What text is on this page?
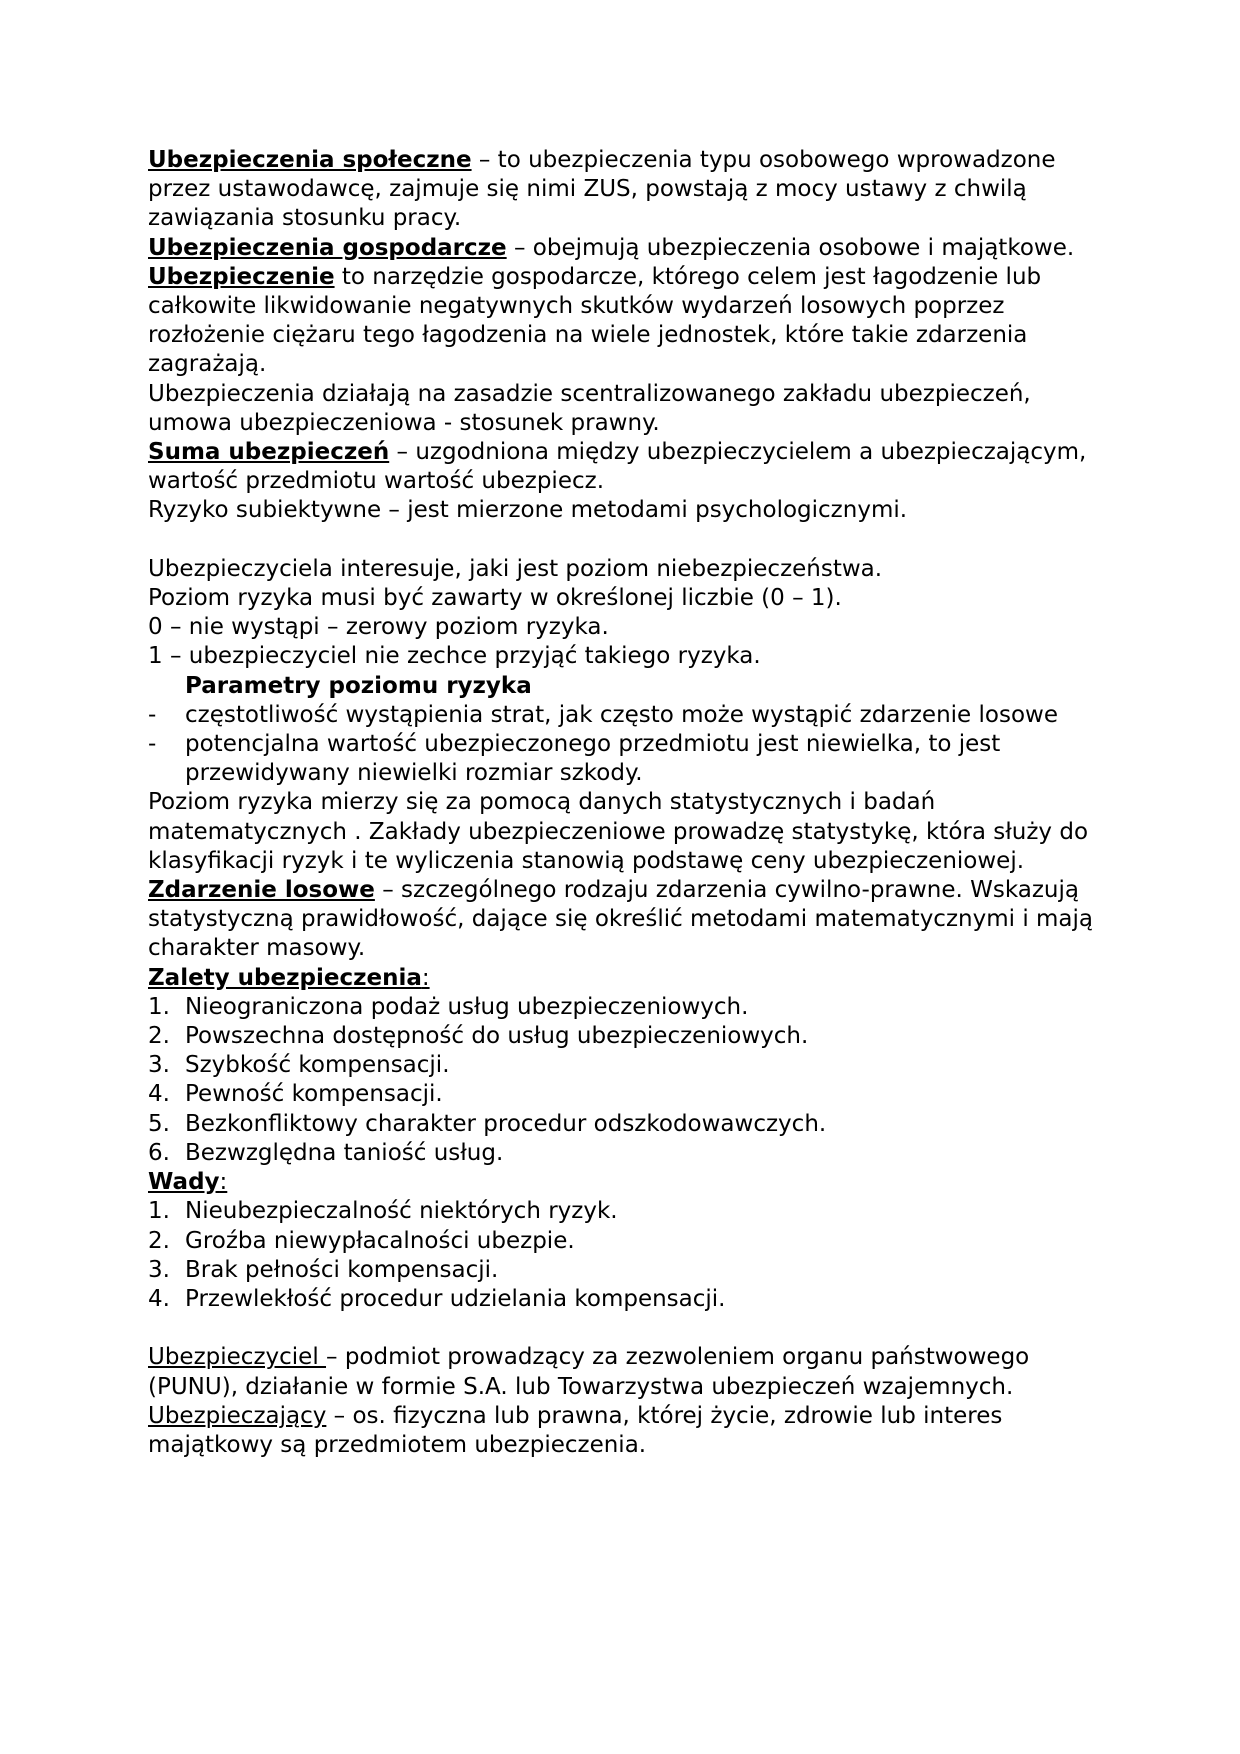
Ubezpieczenia społeczne – to ubezpieczenia typu osobowego wprowadzone przez ustawodawcę, zajmuje się nimi ZUS, powstają z mocy ustawy z chwilą zawiązania stosunku pracy.

Ubezpieczenia gospodarcze – obejmują ubezpieczenia osobowe i majątkowe.

Ubezpieczenie to narzędzie gospodarcze, którego celem jest łagodzenie lub całkowite likwidowanie negatywnych skutków wydarzeń losowych poprzez rozłożenie ciężaru tego łagodzenia na wiele jednostek, które takie zdarzenia zagrażają.

Ubezpieczenia działają na zasadzie scentralizowanego zakładu ubezpieczeń, umowa ubezpieczeniowa - stosunek prawny.

Suma ubezpieczeń – uzgodniona między ubezpieczycielem a ubezpieczającym, wartość przedmiotu wartość ubezpiecz.

Ryzyko subiektywne – jest mierzone metodami psychologicznymi.

Ubezpieczyciela interesuje, jaki jest poziom niebezpieczeństwa.

Poziom ryzyka musi być zawarty w określonej liczbie (0 – 1).

0 – nie wystąpi – zerowy poziom ryzyka.

1 – ubezpieczyciel nie zechce przyjąć takiego ryzyka.

Parametry poziomu ryzyka

- częstotliwość wystąpienia strat, jak często może wystąpić zdarzenie losowe
- potencjalna wartość ubezpieczonego przedmiotu jest niewielka, to jest przewidywany niewielki rozmiar szkody.

Poziom ryzyka mierzy się za pomocą danych statystycznych i badań matematycznych . Zakłady ubezpieczeniowe prowadzę statystykę, która służy do klasyfikacji ryzyk i te wyliczenia stanowią podstawę ceny ubezpieczeniowej.

Zdarzenie losowe – szczególnego rodzaju zdarzenia cywilno-prawne. Wskazują statystyczną prawidłowość, dające się określić metodami matematycznymi i mają charakter masowy.

Zalety ubezpieczenia:

1. Nieograniczona podaż usług ubezpieczeniowych.
2. Powszechna dostępność do usług ubezpieczeniowych.
3. Szybkość kompensacji.
4. Pewność kompensacji.
5. Bezkonfliktowy charakter procedur odszkodowawczych.
6. Bezwzględna taniość usług.

Wady:

1. Nieubezpieczalność niektórych ryzyk.
2. Groźba niewypłacalności ubezpie.
3. Brak pełności kompensacji.
4. Przewlekłość procedur udzielania kompensacji.

Ubezpieczyciel – podmiot prowadzący za zezwoleniem organu państwowego (PUNU), działanie w formie S.A. lub Towarzystwa ubezpieczeń wzajemnych.

Ubezpieczający – os. fizyczna lub prawna, której życie, zdrowie lub interes majątkowy są przedmiotem ubezpieczenia.
